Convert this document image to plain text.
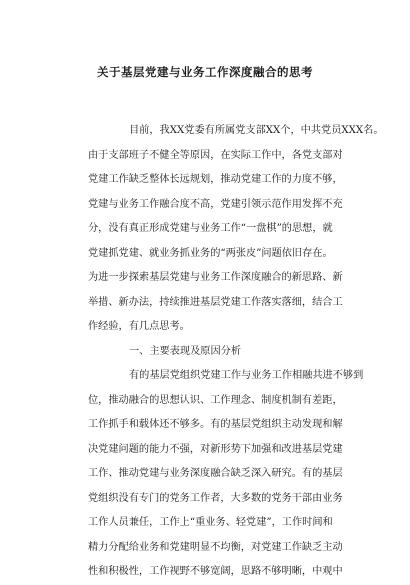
关于基层党建与业务工作深度融合的思考
目前，我XX党委有所属党支部XX个，中共党员XXX名。
由于支部班子不健全等原因，在实际工作中，各党支部对
党建工作缺乏整体长远规划，推动党建工作的力度不够，
党建与业务工作融合度不高，党建引领示范作用发挥不充
分，没有真正形成党建与业务工作“一盘棋”的思想，就
党建抓党建、就业务抓业务的“两张皮”问题依旧存在。
为进一步探索基层党建与业务工作深度融合的新思路、新
举措、新办法，持续推进基层党建工作落实落细，结合工
作经验，有几点思考。
一、主要表现及原因分析
有的基层党组织党建工作与业务工作相融共进不够到
位，推动融合的思想认识、工作理念、制度机制有差距，
工作抓手和载体还不够多。有的基层党组织主动发现和解
决党建问题的能力不强，对新形势下加强和改进基层党建
工作、推动党建与业务深度融合缺乏深入研究。有的基层
党组织没有专门的党务工作者，大多数的党务干部由业务
工作人员兼任，工作上“重业务、轻党建”，工作时间和
精力分配给业务和党建明显不均衡，对党建工作缺乏主动
性和积极性，工作视野不够宽阔，思路不够明晰，中观中
